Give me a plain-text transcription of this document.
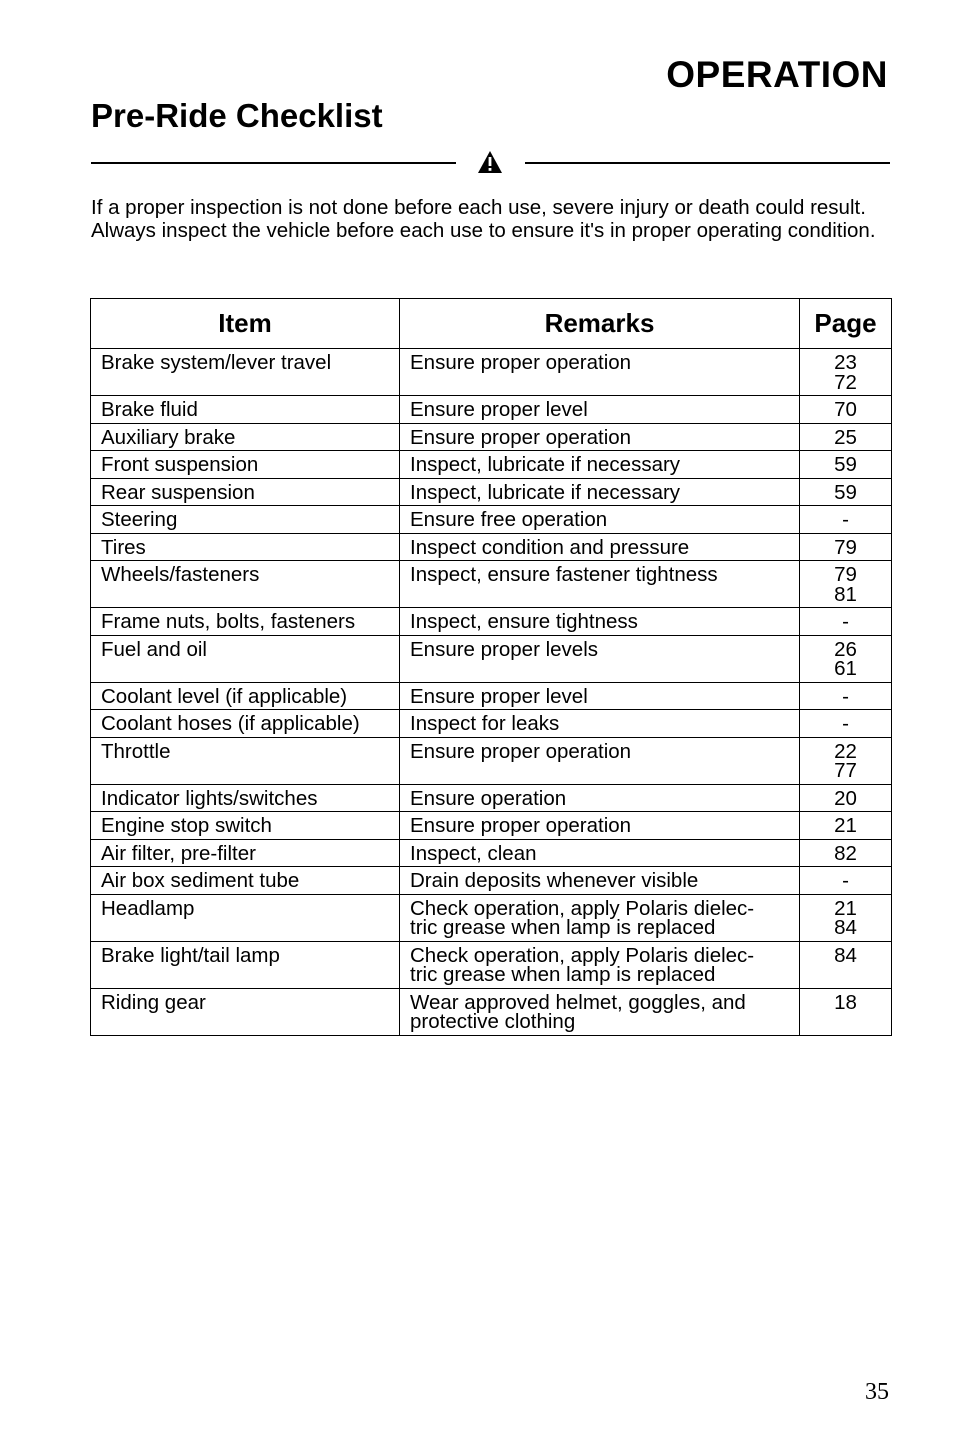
OPERATION
Pre-Ride Checklist

If a proper inspection is not done before each use, severe injury or death could result. Always inspect the vehicle before each use to ensure it's in proper operating condition.

Item	Remarks	Page
Brake system/lever travel	Ensure proper operation	23
72

Brake fluid	Ensure proper level	70

Auxiliary brake	Ensure proper operation	25

Front suspension	Inspect, lubricate if necessary	59

Rear suspension	Inspect, lubricate if necessary	59

Steering	Ensure free operation	-

Tires	Inspect condition and pressure	79

Wheels/fasteners	Inspect, ensure fastener tightness	79
81

Frame nuts, bolts, fasteners	Inspect, ensure tightness	-

Fuel and oil	Ensure proper levels	26
61

Coolant level (if applicable)	Ensure proper level	-

Coolant hoses (if applicable)	Inspect for leaks	-

Throttle	Ensure proper operation	22
77

Indicator lights/switches	Ensure operation	20

Engine stop switch	Ensure proper operation	21

Air filter, pre-filter	Inspect, clean	82

Air box sediment tube	Drain deposits whenever visible	-

Headlamp	Check operation, apply Polaris dielec-
tric grease when lamp is replaced	21
84

Brake light/tail lamp	Check operation, apply Polaris dielec-
tric grease when lamp is replaced	84

Riding gear	Wear approved helmet, goggles, and
protective clothing	18

35
